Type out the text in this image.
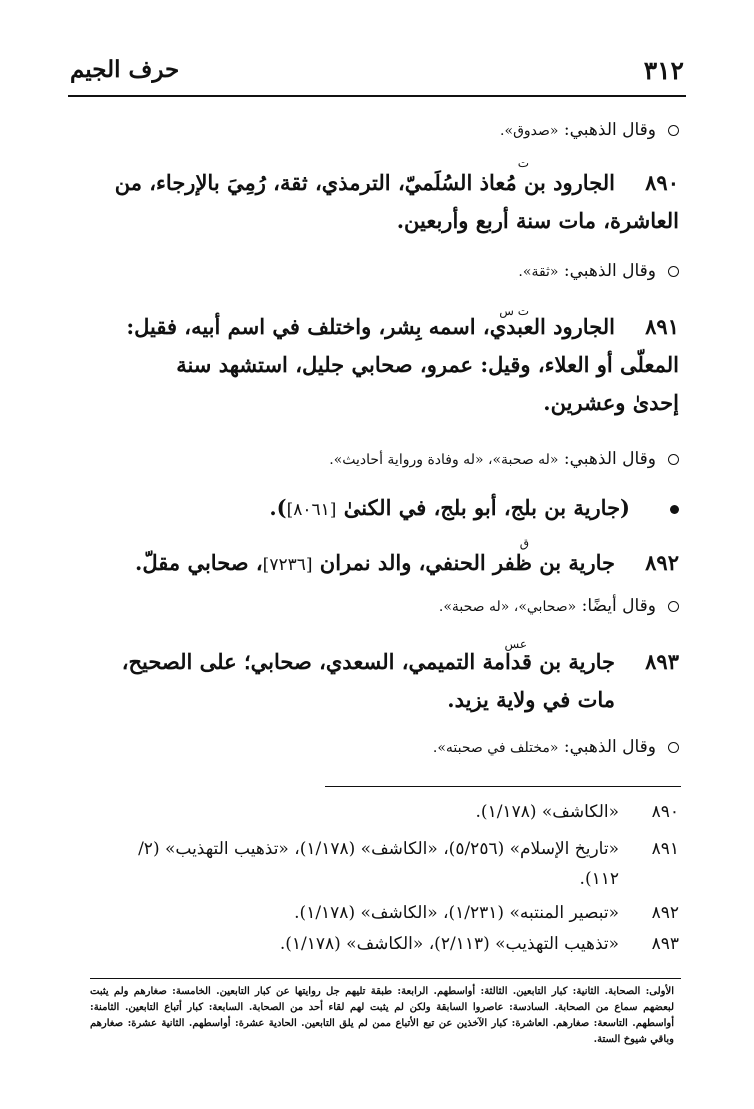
٣١٢
حرف الجيم
وقال الذهبي: «صدوق».
ت
٨٩٠الجارود بن مُعاذ السُلَميّ، الترمذي، ثقة، رُمِيَ بالإرجاء، من
العاشرة، مات سنة أربع وأربعين.
وقال الذهبي: «ثقة».
ت س
٨٩١الجارود العبدي، اسمه بِشر، واختلف في اسم أبيه، فقيل:
المعلّى أو العلاء، وقيل: عمرو، صحابي جليل، استشهد سنة
إحدىٰ وعشرين.
وقال الذهبي: «له صحبة»، «له وفادة ورواية أحاديث».
(جارية بن بلج، أبو بلج، في الكنىٰ [٨٠٦١]).
ق
٨٩٢جارية بن ظفر الحنفي، والد نمران [٧٢٣٦]، صحابي مقلّ.
وقال أيضًا: «صحابي»، «له صحبة».
عس
٨٩٣جارية بن قدامة التميمي، السعدي، صحابي؛ على الصحيح،
مات في ولاية يزيد.
وقال الذهبي: «مختلف في صحبته».
٨٩٠«الكاشف» (١/١٧٨).
٨٩١«تاريخ الإسلام» (٥/٢٥٦)، «الكاشف» (١/١٧٨)، «تذهيب التهذيب» (٢/
١١٢).
٨٩٢«تبصير المنتبه» (١/٢٣١)، «الكاشف» (١/١٧٨).
٨٩٣«تذهيب التهذيب» (٢/١١٣)، «الكاشف» (١/١٧٨).
الأولى: الصحابة. الثانية: كبار التابعين. الثالثة: أواسطهم. الرابعة: طبقة تليهم جل روايتها عن كبار التابعين. الخامسة: صغارهم ولم يثبت لبعضهم سماع من الصحابة. السادسة: عاصروا السابقة ولكن لم يثبت لهم لقاء أحد من الصحابة. السابعة: كبار أتباع التابعين. الثامنة: أواسطهم. التاسعة: صغارهم. العاشرة: كبار الآخذين عن تبع الأتباع ممن لم يلق التابعين. الحادية عشرة: أواسطهم. الثانية عشرة: صغارهم وباقي شيوخ الستة.
